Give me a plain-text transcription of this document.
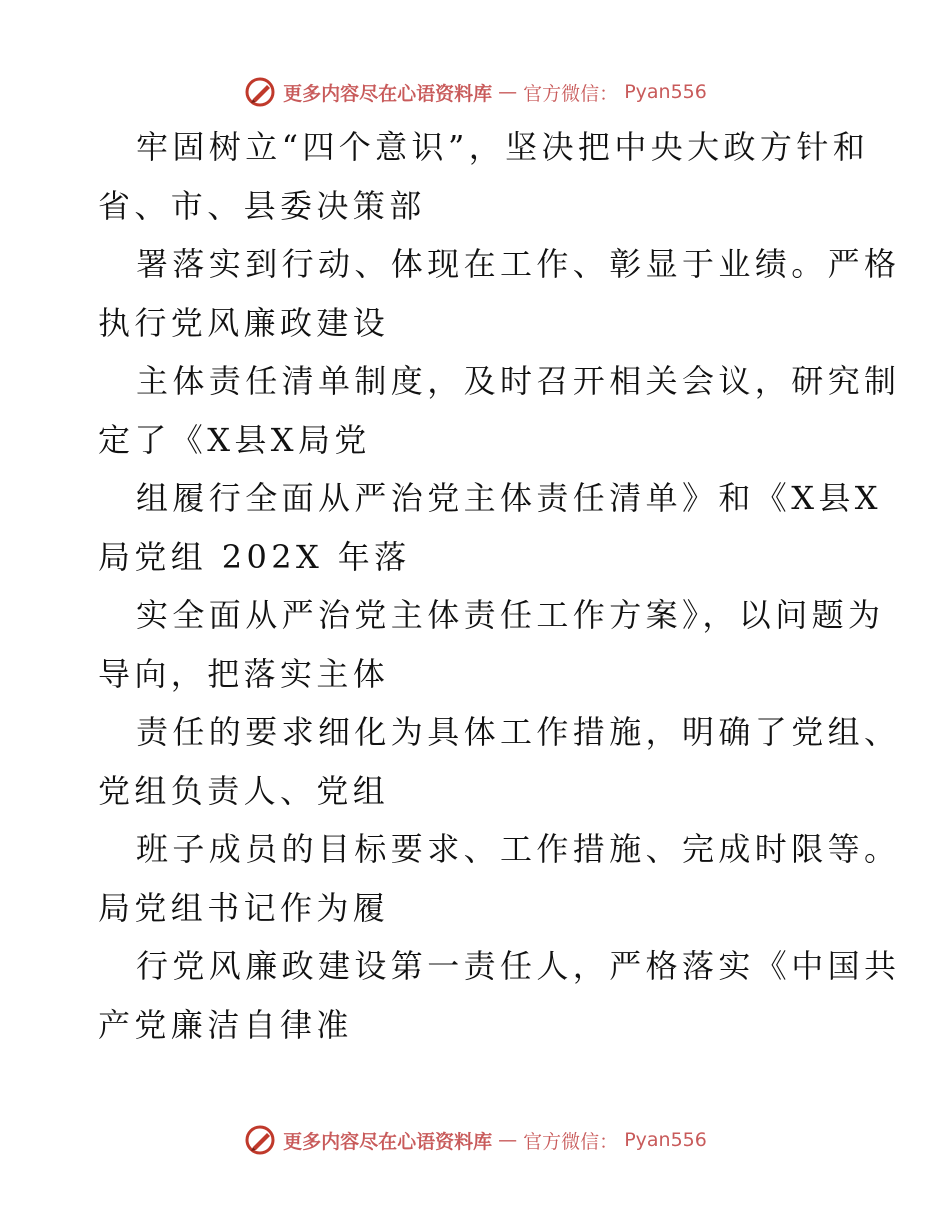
更多内容尽在心语资料库 — 官方微信： Pyan556

牢固树立“四个意识”，坚决把中央大政方针和
省、市、县委决策部

署落实到行动、体现在工作、彰显于业绩。严格
执行党风廉政建设

主体责任清单制度，及时召开相关会议，研究制
定了《X县X局党

组履行全面从严治党主体责任清单》和《X县X
局党组 202X 年落

实全面从严治党主体责任工作方案》，以问题为
导向，把落实主体

责任的要求细化为具体工作措施，明确了党组、
党组负责人、党组

班子成员的目标要求、工作措施、完成时限等。
局党组书记作为履

行党风廉政建设第一责任人，严格落实《中国共
产党廉洁自律准

更多内容尽在心语资料库 — 官方微信： Pyan556
